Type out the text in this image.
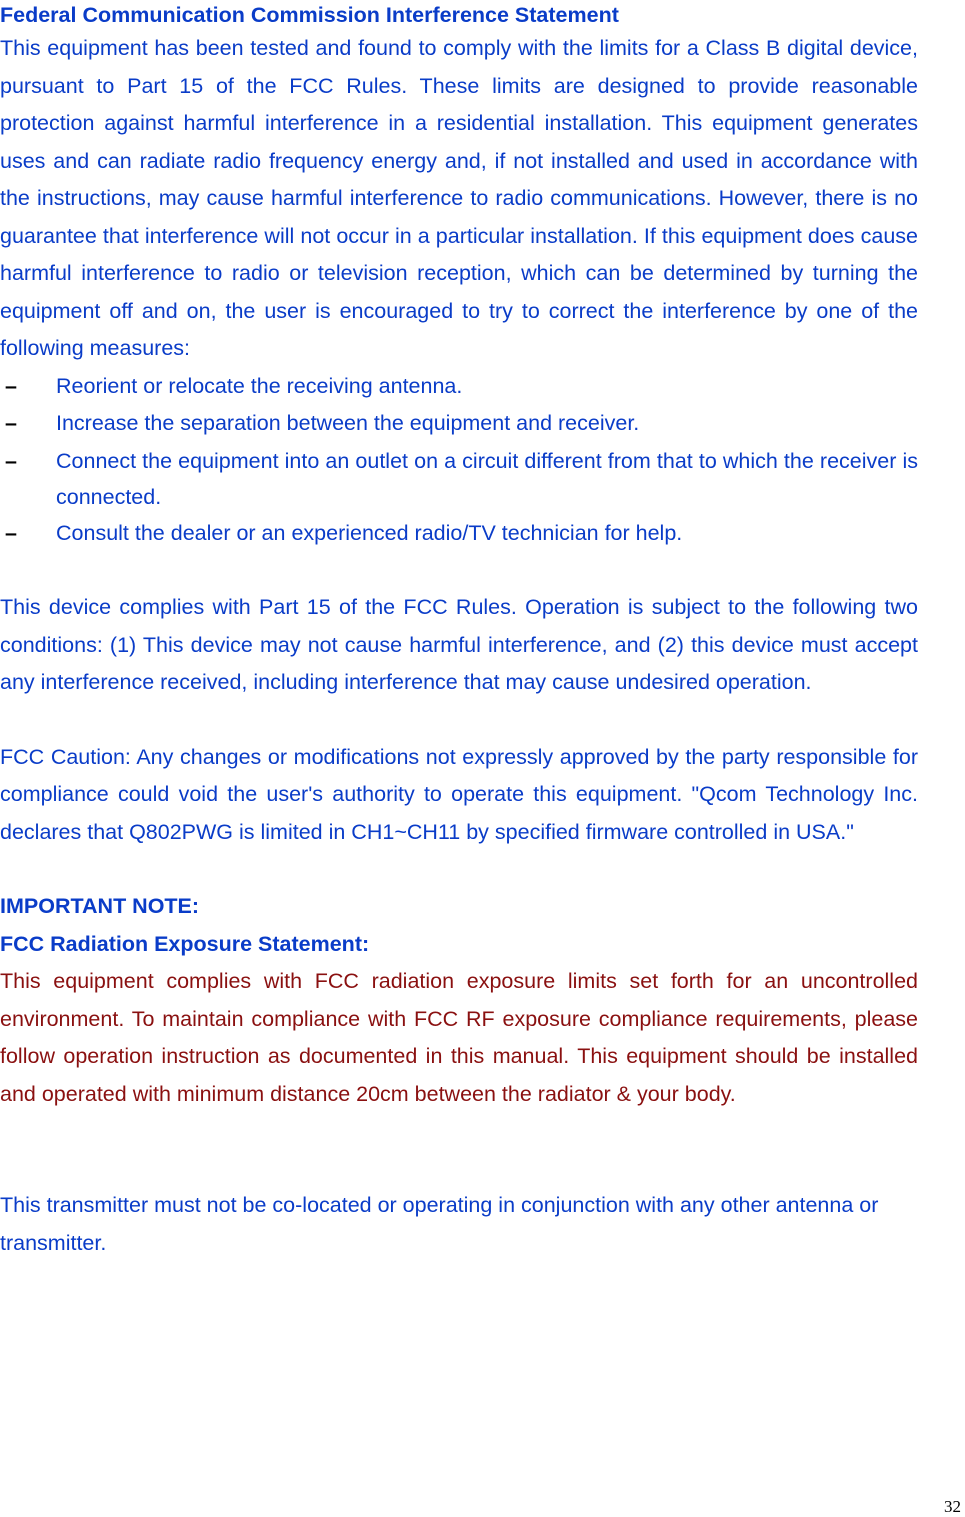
Federal Communication Commission Interference Statement

This equipment has been tested and found to comply with the limits for a Class B digital device, pursuant to Part 15 of the FCC Rules. These limits are designed to provide reasonable protection against harmful interference in a residential installation. This equipment generates uses and can radiate radio frequency energy and, if not installed and used in accordance with the instructions, may cause harmful interference to radio communications. However, there is no guarantee that interference will not occur in a particular installation. If this equipment does cause harmful interference to radio or television reception, which can be determined by turning the equipment off and on, the user is encouraged to try to correct the interference by one of the following measures:

– Reorient or relocate the receiving antenna.
– Increase the separation between the equipment and receiver.
– Connect the equipment into an outlet on a circuit different from that to which the receiver is connected.
– Consult the dealer or an experienced radio/TV technician for help.

This device complies with Part 15 of the FCC Rules. Operation is subject to the following two conditions: (1) This device may not cause harmful interference, and (2) this device must accept any interference received, including interference that may cause undesired operation.

FCC Caution: Any changes or modifications not expressly approved by the party responsible for compliance could void the user's authority to operate this equipment. "Qcom Technology Inc. declares that Q802PWG is limited in CH1~CH11 by specified firmware controlled in USA."

IMPORTANT NOTE:

FCC Radiation Exposure Statement:

This equipment complies with FCC radiation exposure limits set forth for an uncontrolled environment. To maintain compliance with FCC RF exposure compliance requirements, please follow operation instruction as documented in this manual. This equipment should be installed and operated with minimum distance 20cm between the radiator & your body.

This transmitter must not be co-located or operating in conjunction with any other antenna or transmitter.

32
